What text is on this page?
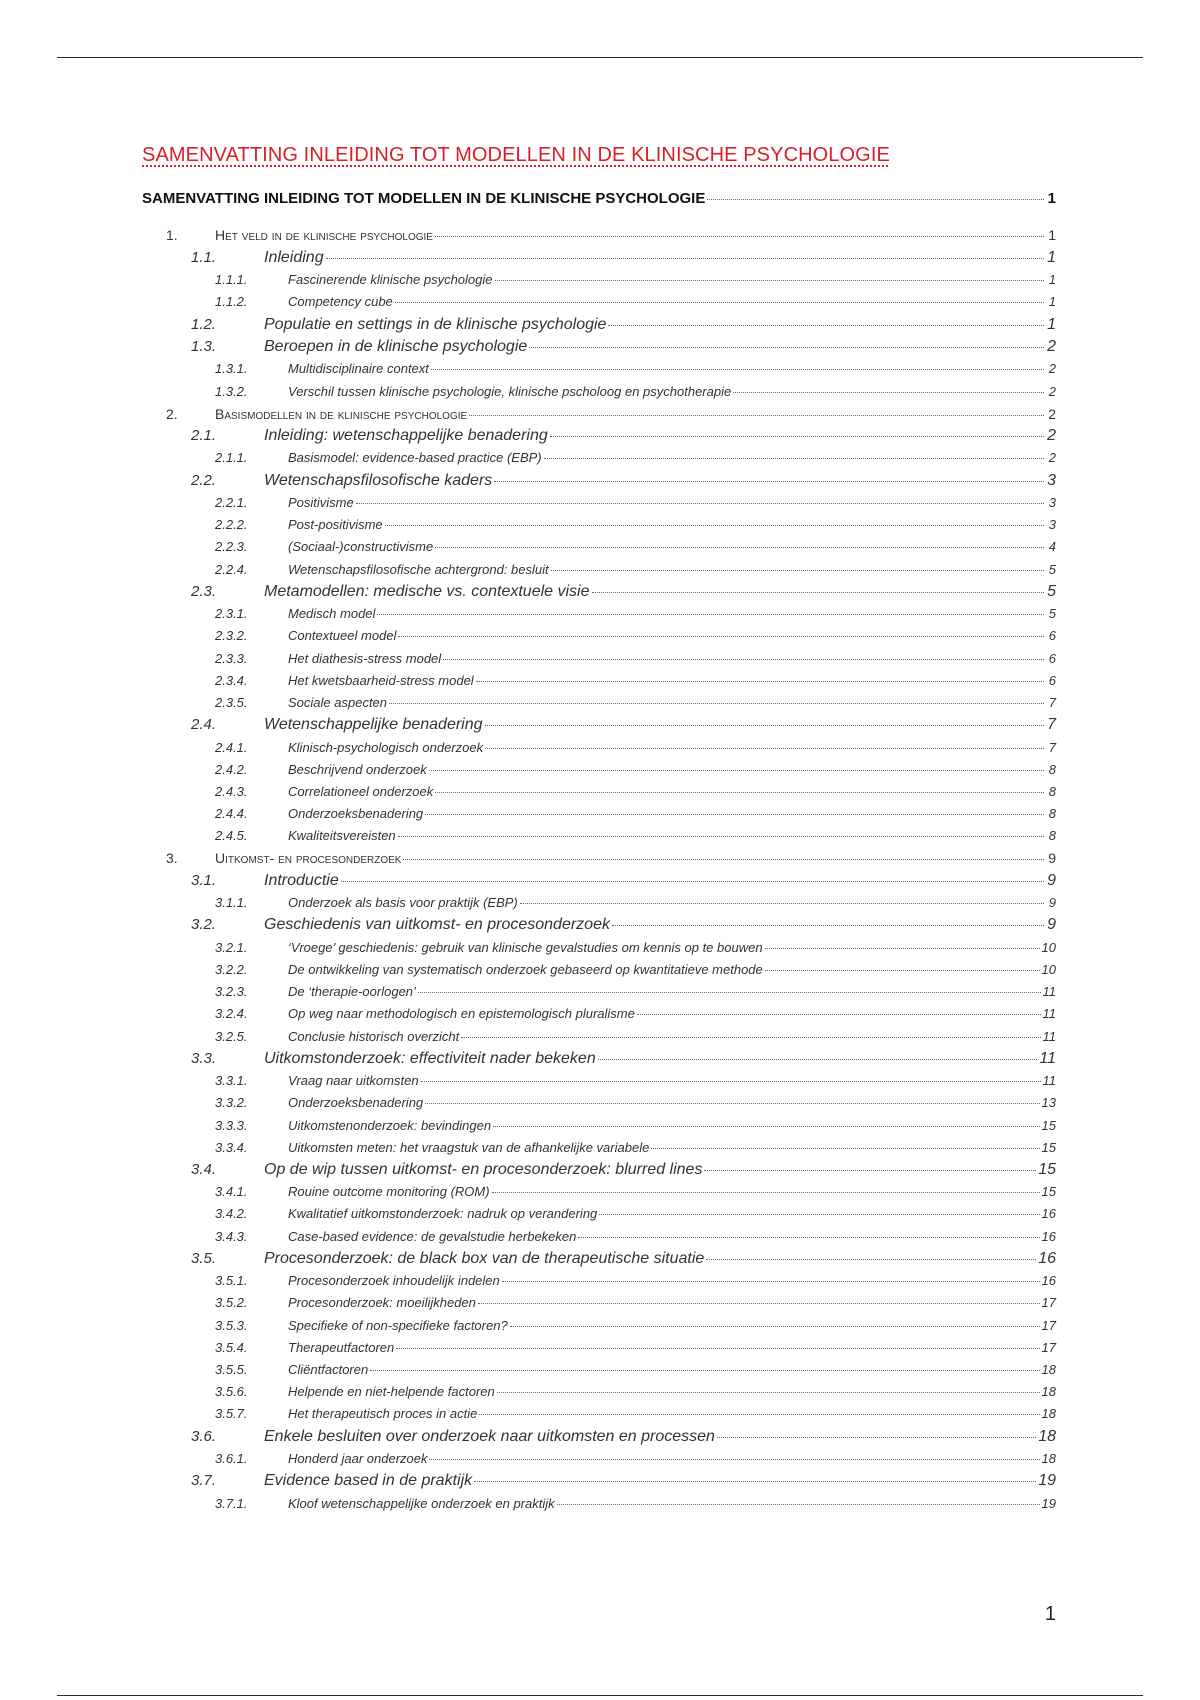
SAMENVATTING INLEIDING TOT MODELLEN IN DE KLINISCHE PSYCHOLOGIE
SAMENVATTING INLEIDING TOT MODELLEN IN DE KLINISCHE PSYCHOLOGIE	1
1.	Het veld in de klinische psychologie	1
1.1.	Inleiding	1
1.1.1.	Fascinerende klinische psychologie	1
1.1.2.	Competency cube	1
1.2.	Populatie en settings in de klinische psychologie	1
1.3.	Beroepen in de klinische psychologie	2
1.3.1.	Multidisciplinaire context	2
1.3.2.	Verschil tussen klinische psychologie, klinische pscholoog en psychotherapie	2
2.	Basismodellen in de klinische psychologie	2
2.1.	Inleiding: wetenschappelijke benadering	2
2.1.1.	Basismodel: evidence-based practice (EBP)	2
2.2.	Wetenschapsfilosofische kaders	3
2.2.1.	Positivisme	3
2.2.2.	Post-positivisme	3
2.2.3.	(Sociaal-)constructivisme	4
2.2.4.	Wetenschapsfilosofische achtergrond: besluit	5
2.3.	Metamodellen: medische vs. contextuele visie	5
2.3.1.	Medisch model	5
2.3.2.	Contextueel model	6
2.3.3.	Het diathesis-stress model	6
2.3.4.	Het kwetsbaarheid-stress model	6
2.3.5.	Sociale aspecten	7
2.4.	Wetenschappelijke benadering	7
2.4.1.	Klinisch-psychologisch onderzoek	7
2.4.2.	Beschrijvend onderzoek	8
2.4.3.	Correlationeel onderzoek	8
2.4.4.	Onderzoeksbenadering	8
2.4.5.	Kwaliteitsvereisten	8
3.	Uitkomst- en procesonderzoek	9
3.1.	Introductie	9
3.1.1.	Onderzoek als basis voor praktijk (EBP)	9
3.2.	Geschiedenis van uitkomst- en procesonderzoek	9
3.2.1.	‘Vroege’ geschiedenis: gebruik van klinische gevalstudies om kennis op te bouwen	10
3.2.2.	De ontwikkeling van systematisch onderzoek gebaseerd op kwantitatieve methode	10
3.2.3.	De ‘therapie-oorlogen’	11
3.2.4.	Op weg naar methodologisch en epistemologisch pluralisme	11
3.2.5.	Conclusie historisch overzicht	11
3.3.	Uitkomstonderzoek: effectiviteit nader bekeken	11
3.3.1.	Vraag naar uitkomsten	11
3.3.2.	Onderzoeksbenadering	13
3.3.3.	Uitkomstenonderzoek: bevindingen	15
3.3.4.	Uitkomsten meten: het vraagstuk van de afhankelijke variabele	15
3.4.	Op de wip tussen uitkomst- en procesonderzoek: blurred lines	15
3.4.1.	Rouine outcome monitoring (ROM)	15
3.4.2.	Kwalitatief uitkomstonderzoek: nadruk op verandering	16
3.4.3.	Case-based evidence: de gevalstudie herbekeken	16
3.5.	Procesonderzoek: de black box van de therapeutische situatie	16
3.5.1.	Procesonderzoek inhoudelijk indelen	16
3.5.2.	Procesonderzoek: moeilijkheden	17
3.5.3.	Specifieke of non-specifieke factoren?	17
3.5.4.	Therapeutfactoren	17
3.5.5.	Cliëntfactoren	18
3.5.6.	Helpende en niet-helpende factoren	18
3.5.7.	Het therapeutisch proces in actie	18
3.6.	Enkele besluiten over onderzoek naar uitkomsten en processen	18
3.6.1.	Honderd jaar onderzoek	18
3.7.	Evidence based in de praktijk	19
3.7.1.	Kloof wetenschappelijke onderzoek en praktijk	19
1
